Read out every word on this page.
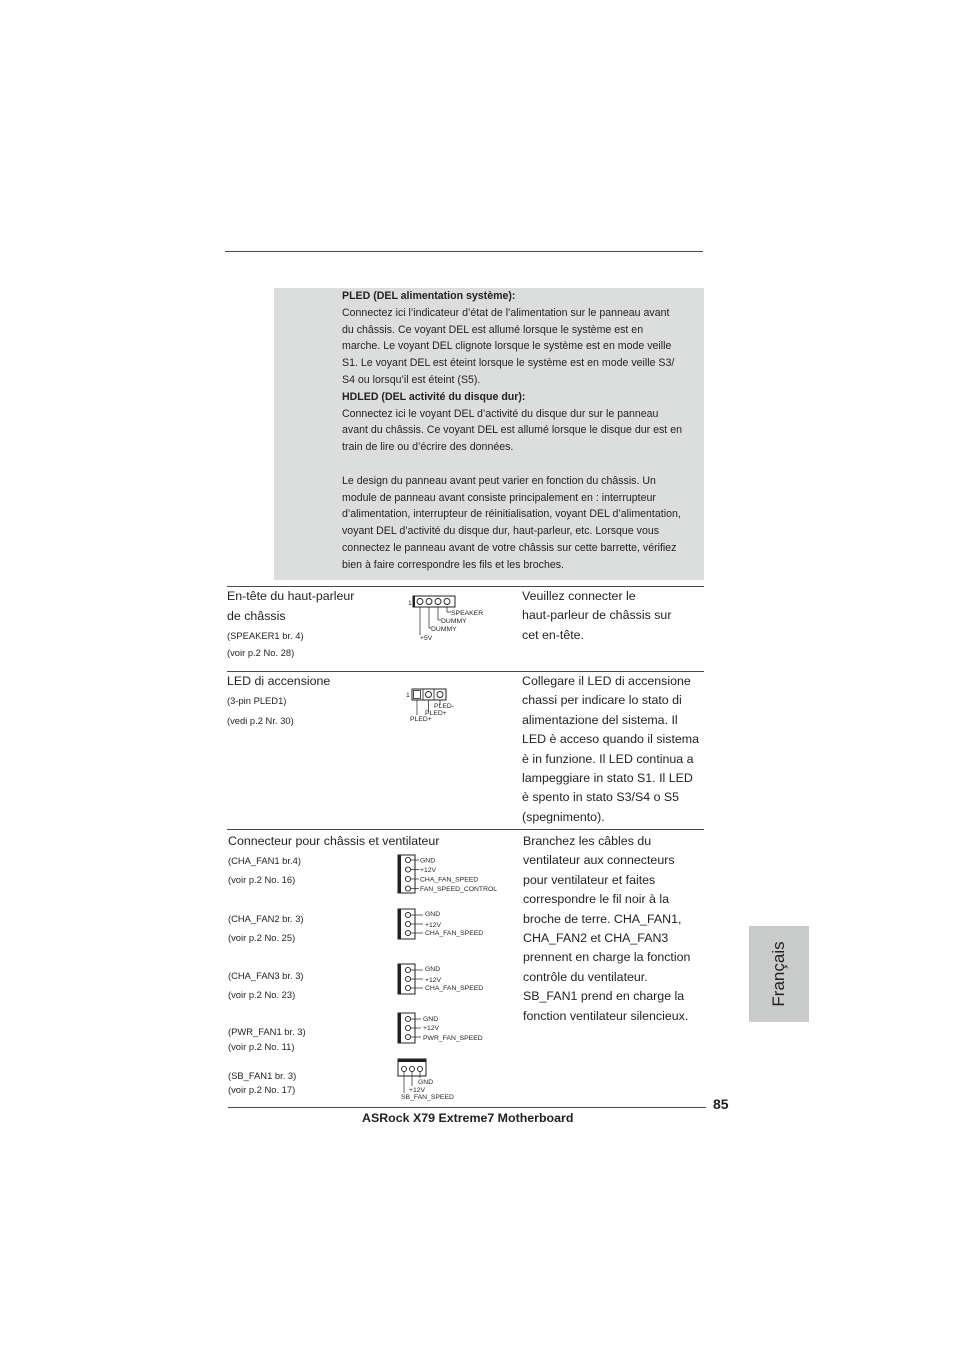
PLED (DEL alimentation système):

Connectez ici l’indicateur d’état de l’alimentation sur le panneau avant

du châssis. Ce voyant DEL est allumé lorsque le système est en

marche. Le voyant DEL clignote lorsque le système est en mode veille

S1. Le voyant DEL est éteint lorsque le système est en mode veille S3/

S4 ou lorsqu’il est éteint (S5).

HDLED (DEL activité du disque dur):

Connectez ici le voyant DEL d’activité du disque dur sur le panneau

avant du châssis. Ce voyant DEL est allumé lorsque le disque dur est en

train de lire ou d’écrire des données.

Le design du panneau avant peut varier en fonction du châssis. Un

module de panneau avant consiste principalement en : interrupteur

d’alimentation, interrupteur de réinitialisation, voyant DEL d’alimentation,

voyant DEL d’activité du disque dur, haut-parleur, etc. Lorsque vous

connectez le panneau avant de votre châssis sur cette barrette, vérifiez

bien à faire correspondre les fils et les broches.

En-tête du haut-parleur
de châssis
(SPEAKER1 br. 4)
(voir p.2 No. 28)
1
SPEAKER
DUMMY
DUMMY
+5V
Veuillez connecter le
haut-parleur de châssis sur
cet en-tête.
LED di accensione
(3-pin PLED1)
(vedi p.2 Nr. 30)
1
PLED-
PLED+
PLED+
Collegare il LED di accensione
chassi per indicare lo stato di
alimentazione del sistema. Il
LED è acceso quando il sistema
è in funzione. Il LED continua a
lampeggiare in stato S1. Il LED
è spento in stato S3/S4 o S5
(spegnimento).
Connecteur pour châssis et ventilateur
(CHA_FAN1 br.4)
(voir p.2 No. 16)
GND
+12V
CHA_FAN_SPEED
FAN_SPEED_CONTROL
(CHA_FAN2 br. 3)
(voir p.2 No. 25)
GND
+12V
CHA_FAN_SPEED
(CHA_FAN3 br. 3)
(voir p.2 No. 23)
GND
+12V
CHA_FAN_SPEED
(PWR_FAN1 br. 3)
(voir p.2 No. 11)
GND
+12V
PWR_FAN_SPEED
(SB_FAN1 br. 3)
(voir p.2 No. 17)
GND
+12V
SB_FAN_SPEED
Branchez les câbles du
ventilateur aux connecteurs
pour ventilateur et faites
correspondre le fil noir à la
broche de terre. CHA_FAN1,
CHA_FAN2 et CHA_FAN3
prennent en charge la fonction
contrôle du ventilateur.
SB_FAN1 prend en charge la
fonction ventilateur silencieux.
Français
85
ASRock X79 Extreme7 Motherboard
